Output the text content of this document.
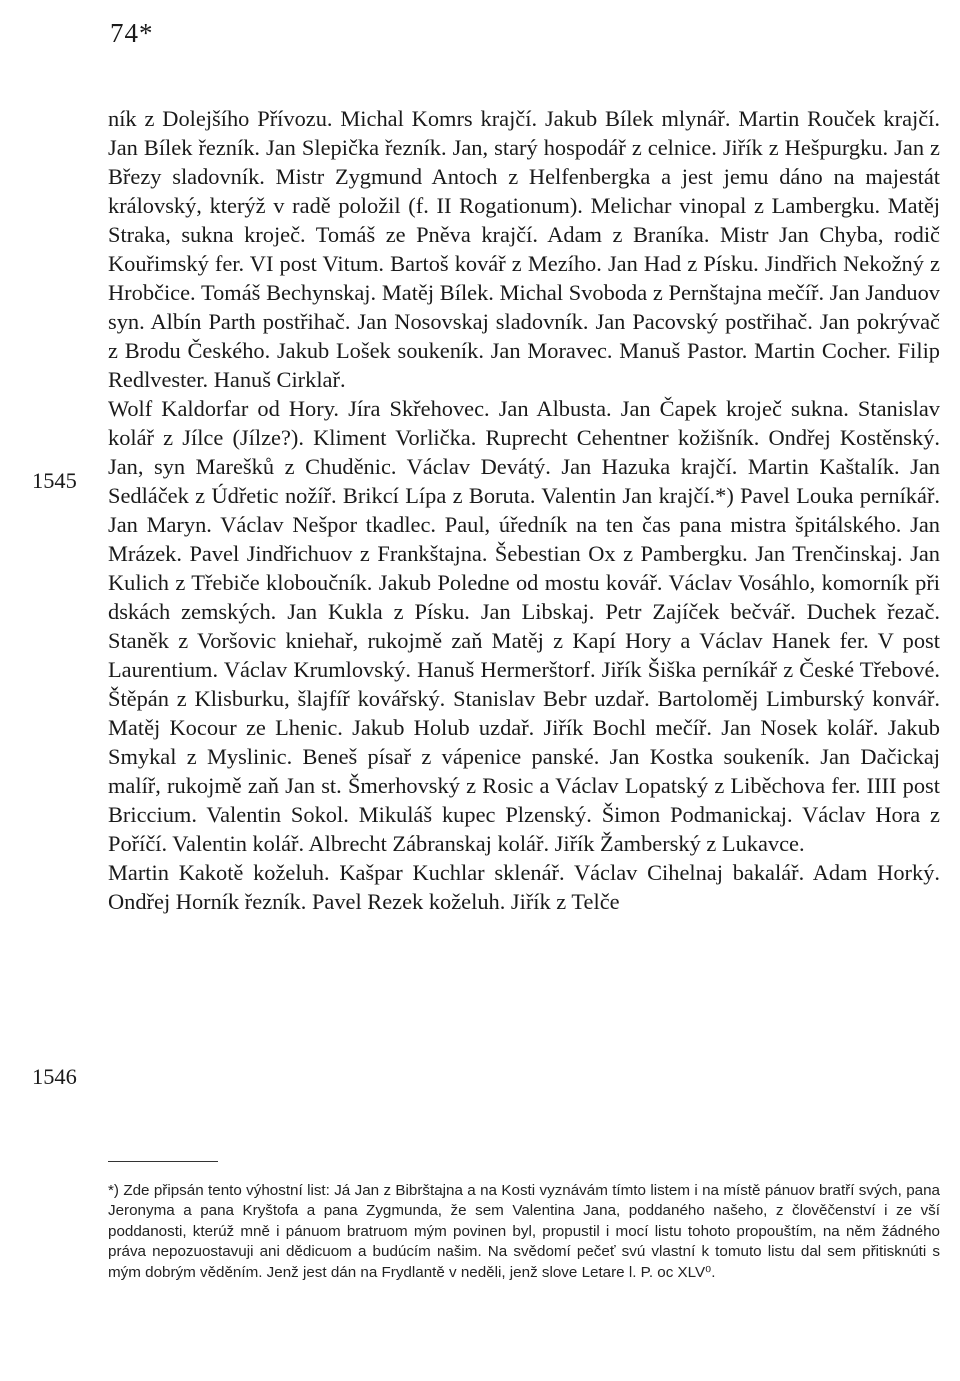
74*
1545
1546

ník z Dolejšího Přívozu. Michal Komrs krajčí. Jakub Bílek mlynář. Martin Rouček krajčí. Jan Bílek řezník. Jan Slepička řezník. Jan, starý hospodář z celnice. Jiřík z Hešpurgku. Jan z Březy sladovník. Mistr Zygmund Antoch z Helfenbergka a jest jemu dáno na majestát královský, kterýž v radě položil (f. II Rogationum). Melichar vinopal z Lambergku. Matěj Straka, sukna kroječ. Tomáš ze Pněva krajčí. Adam z Braníka. Mistr Jan Chyba, rodič Kouřimský fer. VI post Vitum. Bartoš kovář z Mezího. Jan Had z Písku. Jindřich Nekožný z Hrobčice. Tomáš Bechynskaj. Matěj Bílek. Michal Svoboda z Pernštajna mečíř. Jan Janduov syn. Albín Parth postřihač. Jan Nosovskaj sladovník. Jan Pacovský postřihač. Jan pokrývač z Brodu Českého. Jakub Lošek soukeník. Jan Moravec. Manuš Pastor. Martin Cocher. Filip Redlvester. Hanuš Cirklař.

Wolf Kaldorfar od Hory. Jíra Skřehovec. Jan Albusta. Jan Čapek kroječ sukna. Stanislav kolář z Jílce (Jílze?). Kliment Vorlička. Ruprecht Cehentner kožišník. Ondřej Kostěnský. Jan, syn Marešků z Chuděnic. Václav Devátý. Jan Hazuka krajčí. Martin Kaštalík. Jan Sedláček z Údřetic nožíř. Brikcí Lípa z Boruta. Valentin Jan krajčí.*) Pavel Louka perníkář. Jan Maryn. Václav Nešpor tkadlec. Paul, úředník na ten čas pana mistra špitálského. Jan Mrázek. Pavel Jindřichuov z Frankštajna. Šebestian Ox z Pambergku. Jan Trenčinskaj. Jan Kulich z Třebiče kloboučník. Jakub Poledne od mostu kovář. Václav Vosáhlo, komorník při dskách zemských. Jan Kukla z Písku. Jan Libskaj. Petr Zajíček bečvář. Duchek řezač. Staněk z Voršovic kniehař, rukojmě zaň Matěj z Kapí Hory a Václav Hanek fer. V post Laurentium. Václav Krumlovský. Hanuš Hermerštorf. Jiřík Šiška perníkář z České Třebové. Štěpán z Klisburku, šlajfíř kovářský. Stanislav Bebr uzdař. Bartoloměj Limburský konvář. Matěj Kocour ze Lhenic. Jakub Holub uzdař. Jiřík Bochl mečíř. Jan Nosek kolář. Jakub Smykal z Myslinic. Beneš písař z vápenice panské. Jan Kostka soukeník. Jan Dačickaj malíř, rukojmě zaň Jan st. Šmerhovský z Rosic a Václav Lopatský z Liběchova fer. IIII post Briccium. Valentin Sokol. Mikuláš kupec Plzenský. Šimon Podmanickaj. Václav Hora z Poříčí. Valentin kolář. Albrecht Zábranskaj kolář. Jiřík Žamberský z Lukavce.

Martin Kakotě koželuh. Kašpar Kuchlar sklenář. Václav Cihelnaj bakalář. Adam Horký. Ondřej Horník řezník. Pavel Rezek koželuh. Jiřík z Telče

*) Zde připsán tento výhostní list: Já Jan z Bibrštajna a na Kosti vyznávám tímto listem i na místě pánuov bratří svých, pana Jeronyma a pana Kryštofa a pana Zygmunda, že sem Valentina Jana, poddaného našeho, z člověčenství i ze vší poddanosti, kterúž mně i pánuom bratruom mým povinen byl, propustil i mocí listu tohoto propouštím, na něm žádného práva nepozuostavuji ani dědicuom a budúcím našim. Na svědomí pečeť svú vlastní k tomuto listu dal sem přitisknúti s mým dobrým věděním. Jenž jest dán na Frydlantě v neděli, jenž slove Letare l. P. oc XLV⁰.
